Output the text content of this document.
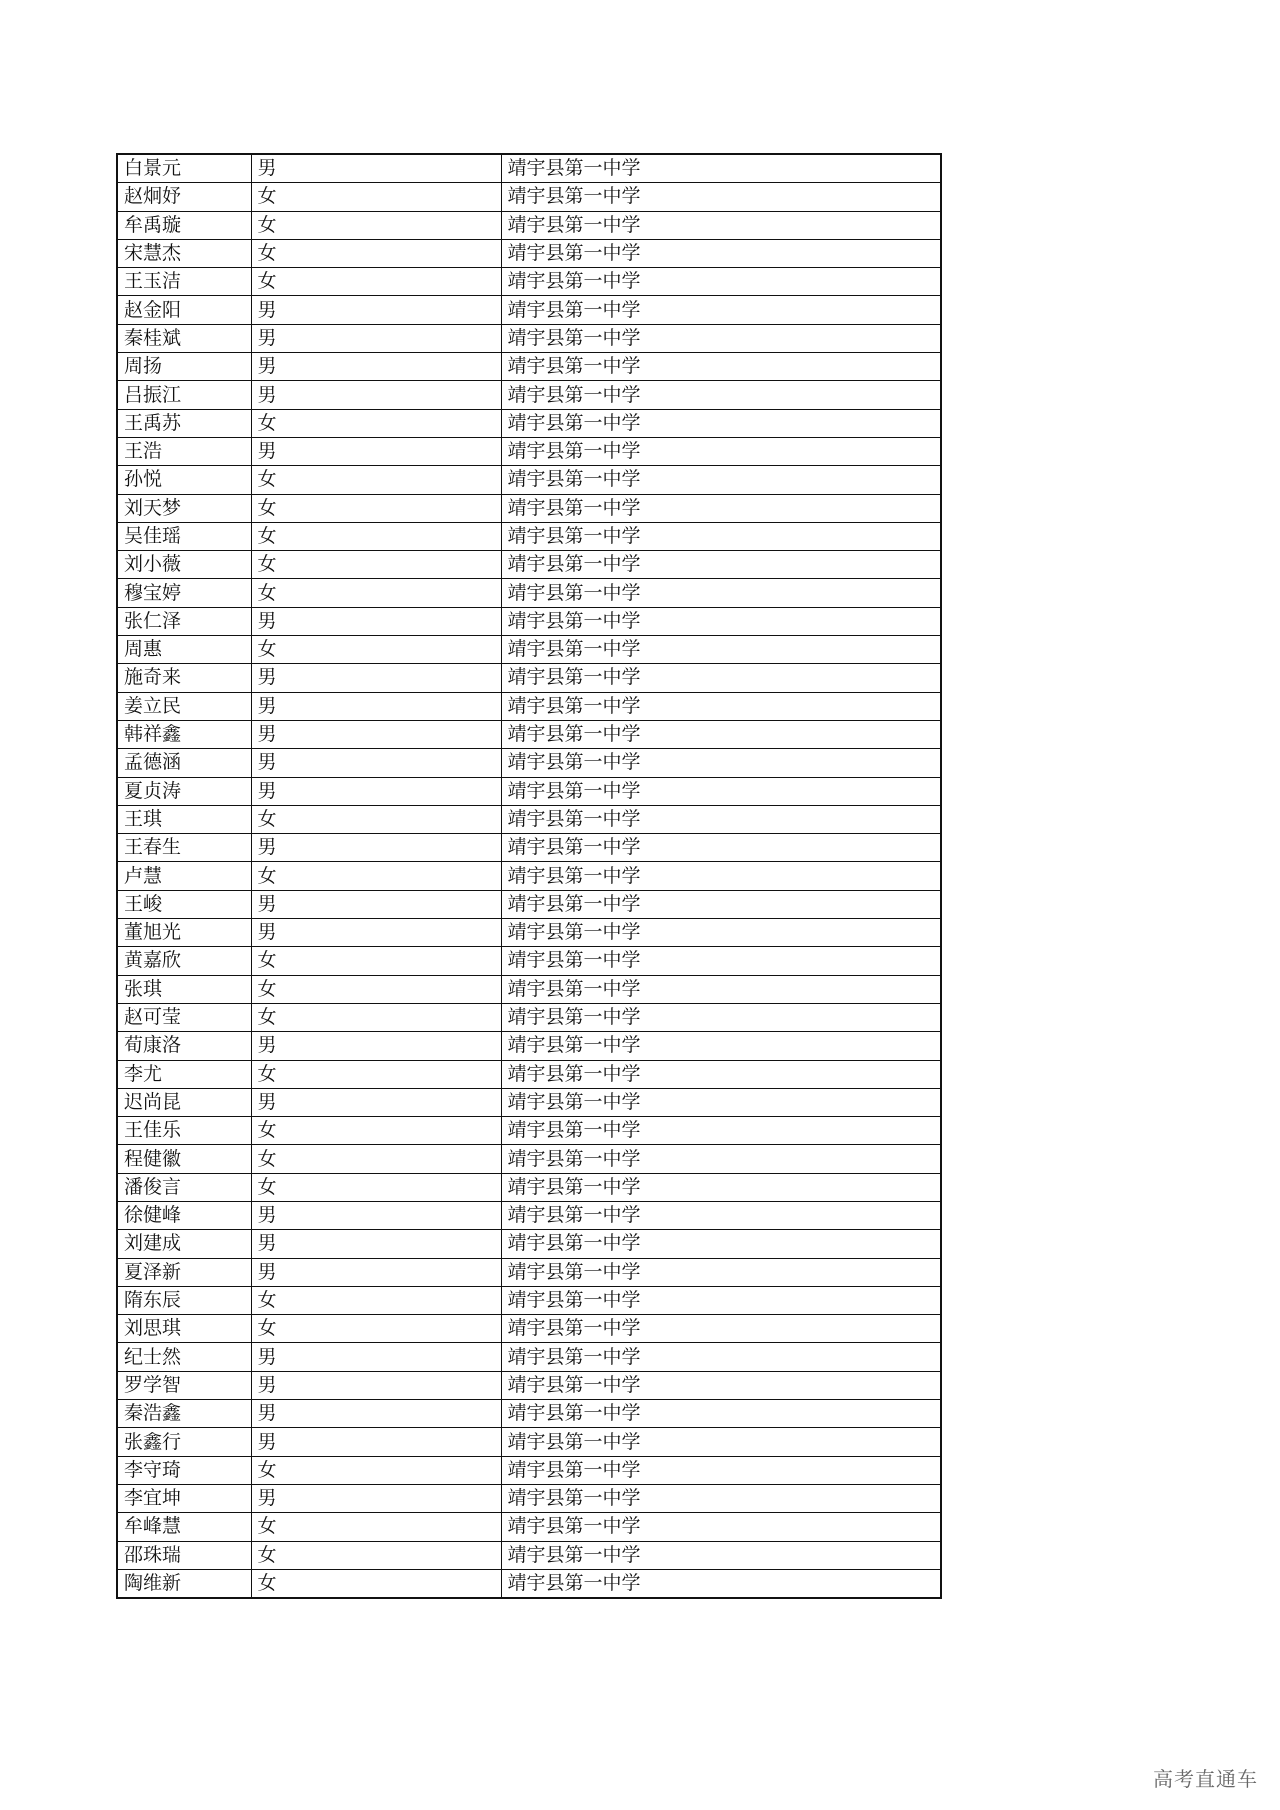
白景元	男	靖宇县第一中学
赵炯妤	女	靖宇县第一中学
牟禹璇	女	靖宇县第一中学
宋慧杰	女	靖宇县第一中学
王玉洁	女	靖宇县第一中学
赵金阳	男	靖宇县第一中学
秦桂斌	男	靖宇县第一中学
周扬	男	靖宇县第一中学
吕振江	男	靖宇县第一中学
王禹苏	女	靖宇县第一中学
王浩	男	靖宇县第一中学
孙悦	女	靖宇县第一中学
刘天梦	女	靖宇县第一中学
吴佳瑶	女	靖宇县第一中学
刘小薇	女	靖宇县第一中学
穆宝婷	女	靖宇县第一中学
张仁泽	男	靖宇县第一中学
周惠	女	靖宇县第一中学
施奇来	男	靖宇县第一中学
姜立民	男	靖宇县第一中学
韩祥鑫	男	靖宇县第一中学
孟德涵	男	靖宇县第一中学
夏贞涛	男	靖宇县第一中学
王琪	女	靖宇县第一中学
王春生	男	靖宇县第一中学
卢慧	女	靖宇县第一中学
王峻	男	靖宇县第一中学
董旭光	男	靖宇县第一中学
黄嘉欣	女	靖宇县第一中学
张琪	女	靖宇县第一中学
赵可莹	女	靖宇县第一中学
荀康洛	男	靖宇县第一中学
李尤	女	靖宇县第一中学
迟尚昆	男	靖宇县第一中学
王佳乐	女	靖宇县第一中学
程健徽	女	靖宇县第一中学
潘俊言	女	靖宇县第一中学
徐健峰	男	靖宇县第一中学
刘建成	男	靖宇县第一中学
夏泽新	男	靖宇县第一中学
隋东辰	女	靖宇县第一中学
刘思琪	女	靖宇县第一中学
纪士然	男	靖宇县第一中学
罗学智	男	靖宇县第一中学
秦浩鑫	男	靖宇县第一中学
张鑫行	男	靖宇县第一中学
李守琦	女	靖宇县第一中学
李宜坤	男	靖宇县第一中学
牟峰慧	女	靖宇县第一中学
邵珠瑞	女	靖宇县第一中学
陶维新	女	靖宇县第一中学
高考直通车
